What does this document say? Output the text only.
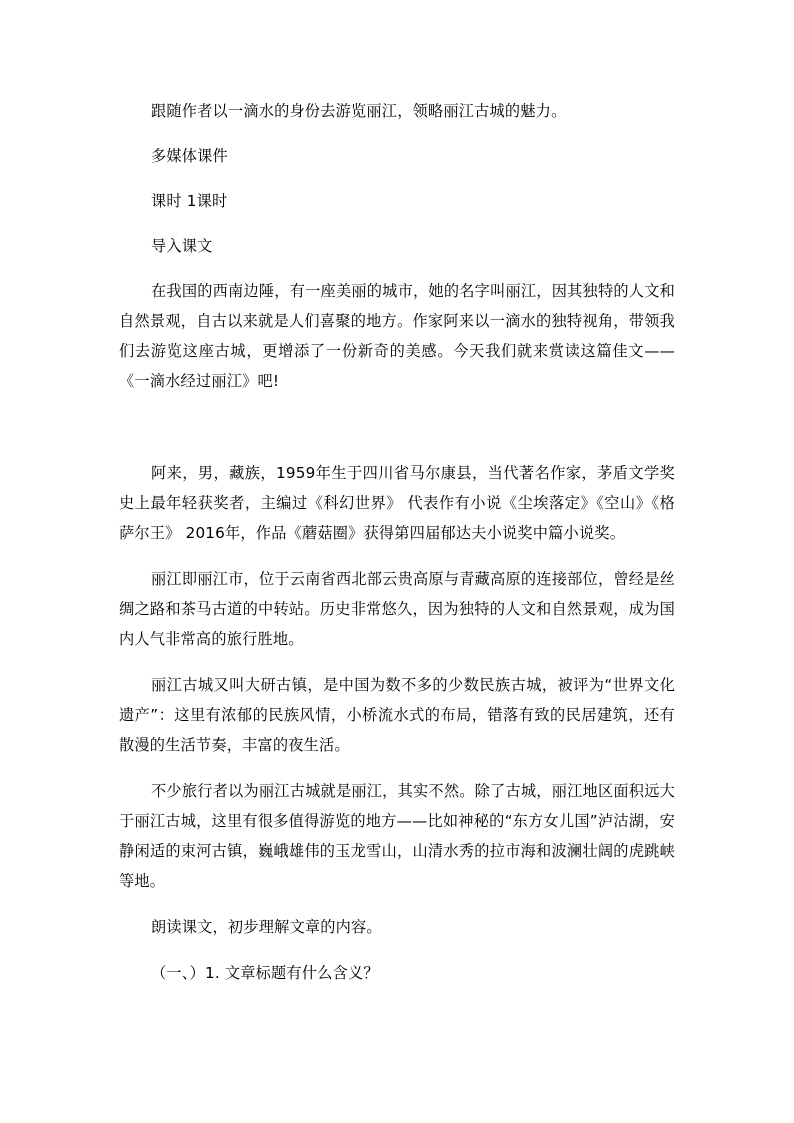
跟随作者以一滴水的身份去游览丽江，领略丽江古城的魅力。

多媒体课件

课时 1课时

导入课文

在我国的西南边陲，有一座美丽的城市，她的名字叫丽江，因其独特的人文和自然景观，自古以来就是人们喜聚的地方。作家阿来以一滴水的独特视角，带领我们去游览这座古城，更增添了一份新奇的美感。今天我们就来赏读这篇佳文——《一滴水经过丽江》吧!

阿来，男，藏族，1959年生于四川省马尔康县，当代著名作家，茅盾文学奖史上最年轻获奖者，主编过《科幻世界》 代表作有小说《尘埃落定》《空山》《格萨尔王》 2016年，作品《蘑菇圈》获得第四届郁达夫小说奖中篇小说奖。

丽江即丽江市，位于云南省西北部云贵高原与青藏高原的连接部位，曾经是丝绸之路和茶马古道的中转站。历史非常悠久，因为独特的人文和自然景观，成为国内人气非常高的旅行胜地。

丽江古城又叫大研古镇，是中国为数不多的少数民族古城，被评为“世界文化遗产”：这里有浓郁的民族风情，小桥流水式的布局，错落有致的民居建筑，还有散漫的生活节奏，丰富的夜生活。

不少旅行者以为丽江古城就是丽江，其实不然。除了古城，丽江地区面积远大于丽江古城，这里有很多值得游览的地方——比如神秘的“东方女儿国”泸沽湖，安静闲适的束河古镇，巍峨雄伟的玉龙雪山，山清水秀的拉市海和波澜壮阔的虎跳峡等地。

朗读课文，初步理解文章的内容。

（一、）1. 文章标题有什么含义？
